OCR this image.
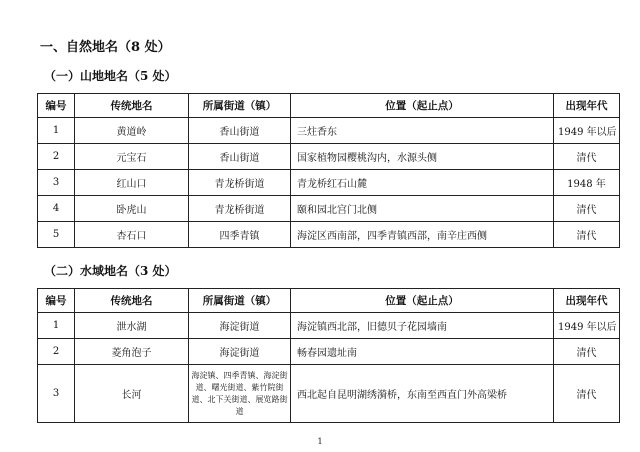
一、自然地名（8 处）
（一）山地地名（5 处）
编号	传统地名	所属街道（镇）	位置（起止点）	出现年代
1	黄道岭	香山街道	三炷香东	1949 年以后
2	元宝石	香山街道	国家植物园樱桃沟内，水源头侧	清代
3	红山口	青龙桥街道	青龙桥红石山麓	1948 年
4	卧虎山	青龙桥街道	颐和园北宫门北侧	清代
5	杏石口	四季青镇	海淀区西南部，四季青镇西部，南辛庄西侧	清代
（二）水域地名（3 处）
编号	传统地名	所属街道（镇）	位置（起止点）	出现年代
1	泄水湖	海淀街道	海淀镇西北部，旧德贝子花园墙南	1949 年以后
2	菱角泡子	海淀街道	畅春园遗址南	清代
3	长河	海淀镇、四季青镇、海淀街道、曙光街道、紫竹院街道、北下关街道、展览路街道	西北起自昆明湖绣漪桥，东南至西直门外高梁桥	清代
1
